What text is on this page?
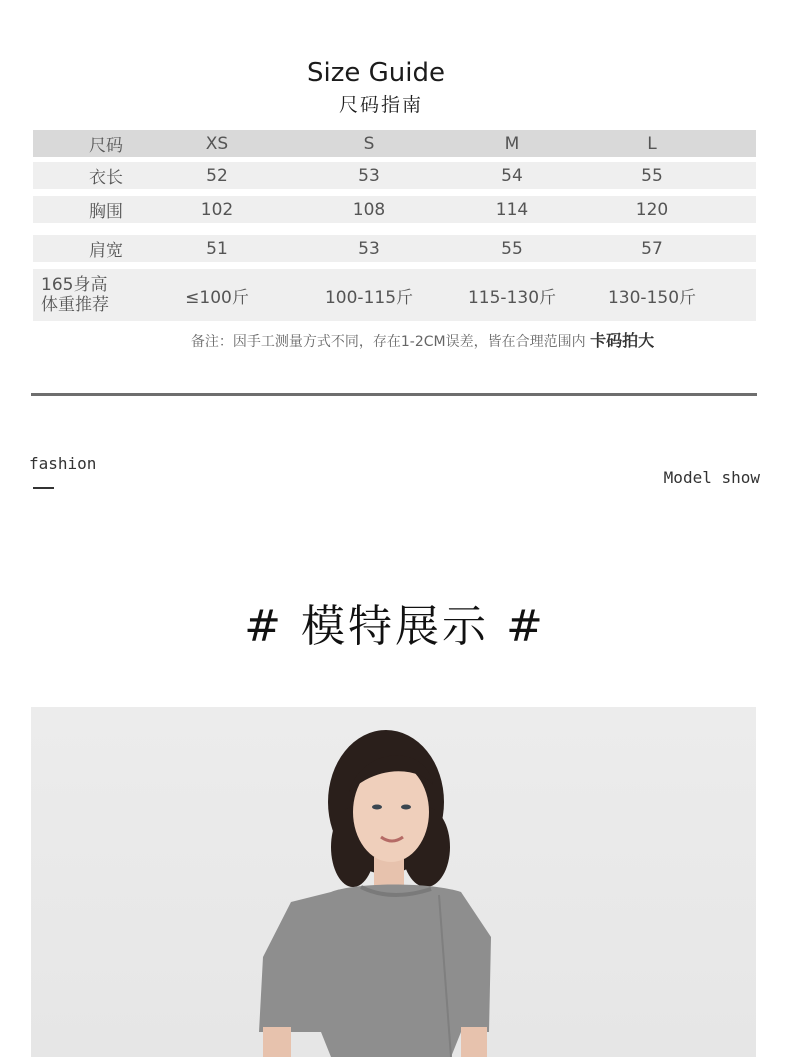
Size Guide
尺码指南
尺码	XS	S	M	L
衣长	52	53	54	55
胸围	102	108	114	120
肩宽	51	53	55	57
165身高
体重推荐	≤100斤	100-115斤	115-130斤	130-150斤
备注：因手工测量方式不同，存在1-2CM误差，皆在合理范围内 卡码拍大
fashion
Model show
# 模特展示 #
